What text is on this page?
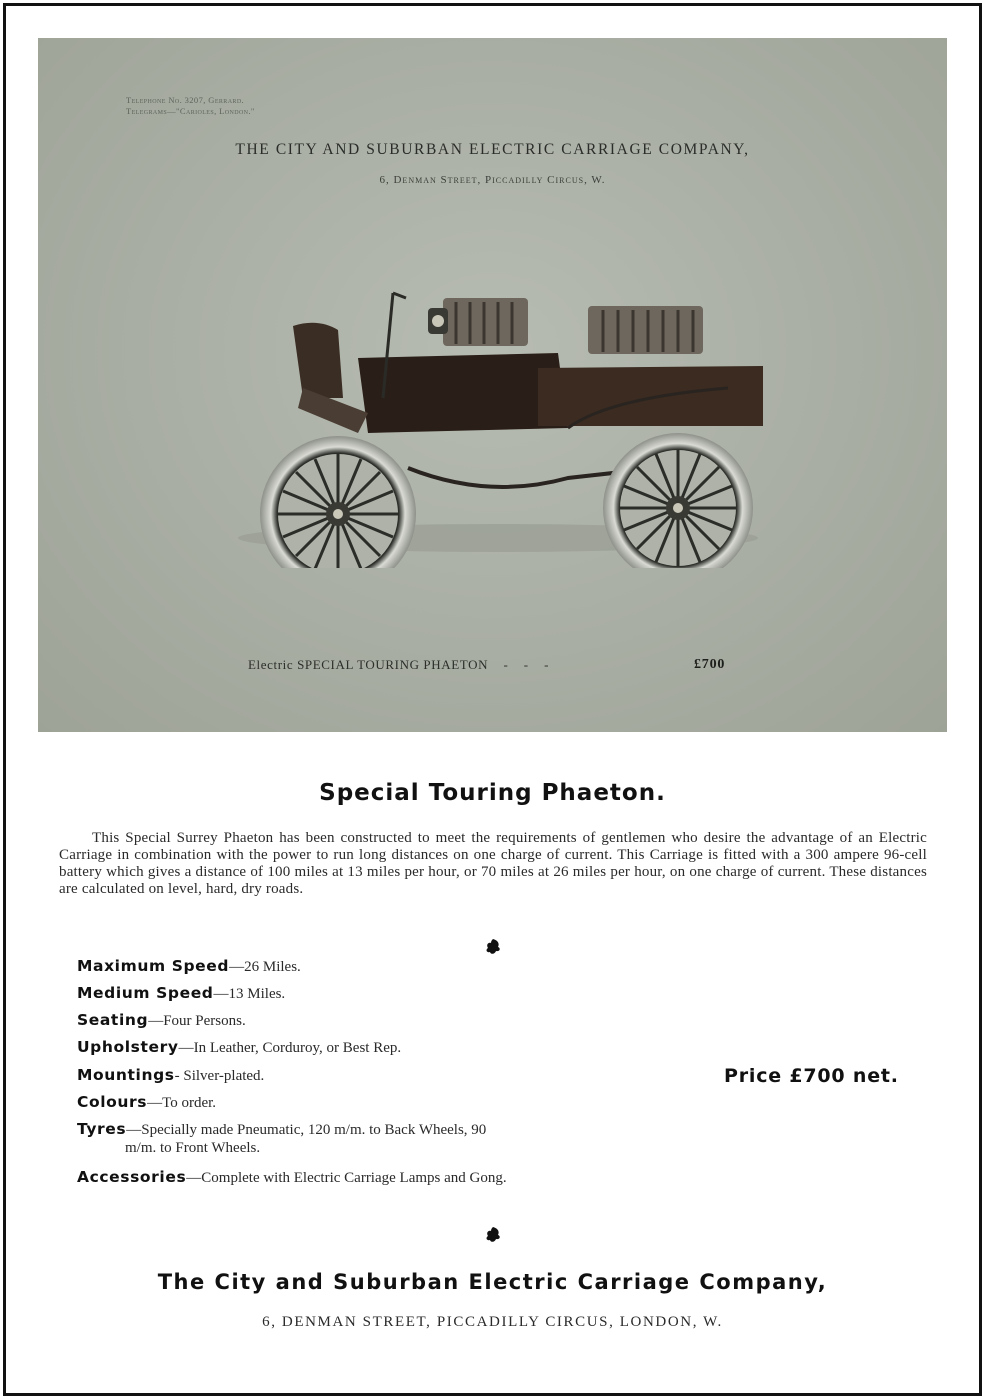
Telephone No. 3207, Gerrard.
Telegrams—"Carioles, London."
THE CITY AND SUBURBAN ELECTRIC CARRIAGE COMPANY,
6, Denman Street, Piccadilly Circus, W.
Electric SPECIAL TOURING PHAETON    -    -    -	£700
Special Touring Phaeton.
This Special Surrey Phaeton has been constructed to meet the requirements of gentlemen who desire the advantage of an Electric Carriage in combination with the power to run long distances on one charge of current. This Carriage is fitted with a 300 ampere 96-cell battery which gives a distance of 100 miles at 13 miles per hour, or 70 miles at 26 miles per hour, on one charge of current. These distances are calculated on level, hard, dry roads.
Maximum Speed—26 Miles.
Medium Speed—13 Miles.
Seating—Four Persons.
Upholstery—In Leather, Corduroy, or Best Rep.
Mountings- Silver-plated.
Colours—To order.
Tyres—Specially made Pneumatic, 120 m/m. to Back Wheels, 90
m/m. to Front Wheels.
Accessories—Complete with Electric Carriage Lamps and Gong.
Price £700 net.
The City and Suburban Electric Carriage Company,
6, DENMAN STREET, PICCADILLY CIRCUS, LONDON, W.
